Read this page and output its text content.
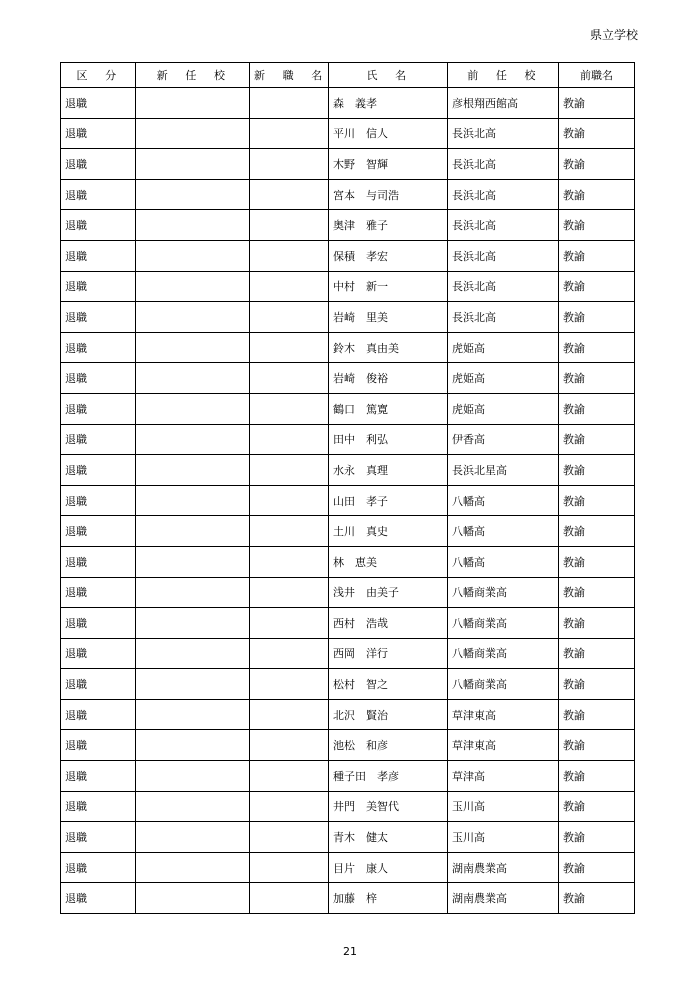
県立学校
区　分	新　任　校	新　職　名	氏　名	前　任　校	前職名
退職			森　義孝	彦根翔西館高	教諭
退職			平川　信人	長浜北高	教諭
退職			木野　智輝	長浜北高	教諭
退職			宮本　与司浩	長浜北高	教諭
退職			奥津　雅子	長浜北高	教諭
退職			保積　孝宏	長浜北高	教諭
退職			中村　新一	長浜北高	教諭
退職			岩崎　里美	長浜北高	教諭
退職			鈴木　真由美	虎姫高	教諭
退職			岩崎　俊裕	虎姫高	教諭
退職			鶴口　篤寛	虎姫高	教諭
退職			田中　利弘	伊香高	教諭
退職			水永　真理	長浜北星高	教諭
退職			山田　孝子	八幡高	教諭
退職			土川　真史	八幡高	教諭
退職			林　恵美	八幡高	教諭
退職			浅井　由美子	八幡商業高	教諭
退職			西村　浩哉	八幡商業高	教諭
退職			西岡　洋行	八幡商業高	教諭
退職			松村　智之	八幡商業高	教諭
退職			北沢　賢治	草津東高	教諭
退職			池松　和彦	草津東高	教諭
退職			種子田　孝彦	草津高	教諭
退職			井門　美智代	玉川高	教諭
退職			青木　健太	玉川高	教諭
退職			目片　康人	湖南農業高	教諭
退職			加藤　梓	湖南農業高	教諭
21
